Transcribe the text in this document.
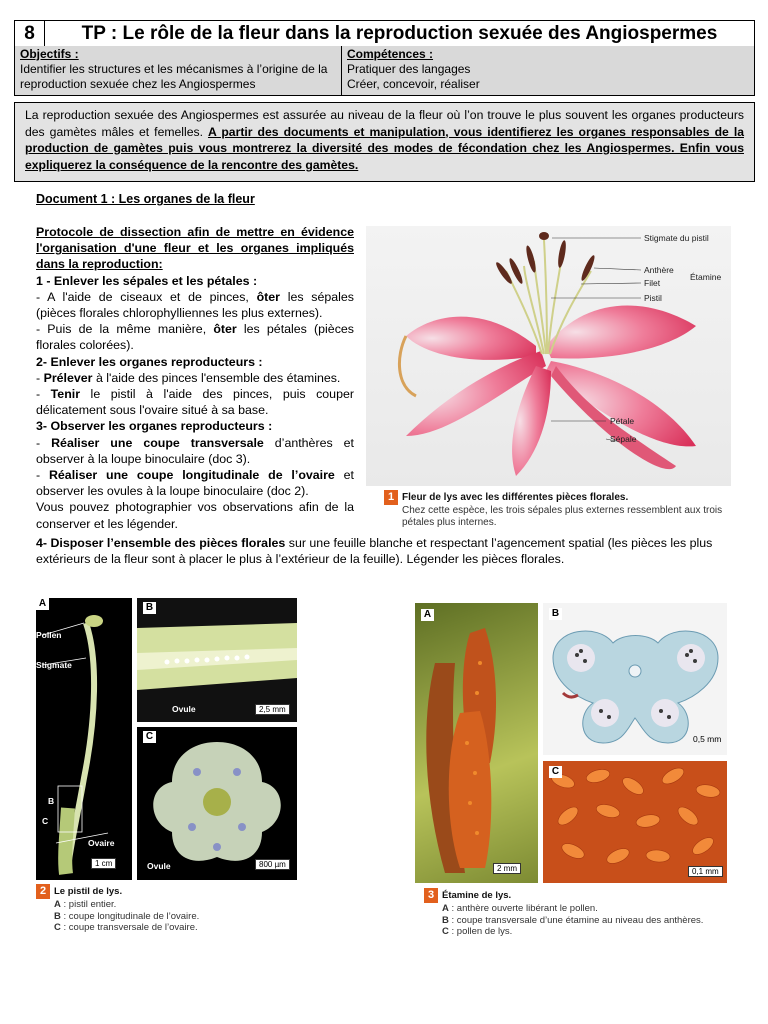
8	TP : Le rôle de la fleur dans la reproduction sexuée des Angiospermes
Objectifs :
Identifier les structures et les mécanismes à l’origine de la reproduction sexuée chez les Angiospermes
Compétences :
Pratiquer des langages
Créer, concevoir, réaliser
La reproduction sexuée des Angiospermes est assurée au niveau de la fleur où l’on trouve le plus souvent les organes producteurs des gamètes mâles et femelles. A partir des documents et manipulation, vous identifierez les organes responsables de la production de gamètes puis vous montrerez la diversité des modes de fécondation chez les Angiospermes. Enfin vous expliquerez la conséquence de la rencontre des gamètes.
Document 1 : Les organes de la fleur
Protocole de dissection afin de mettre en évidence l'organisation d'une fleur et les organes impliqués dans la reproduction:
1 - Enlever les sépales et les pétales :
- A l'aide de ciseaux et de pinces, ôter les sépales (pièces florales chlorophylliennes les plus externes).
- Puis de la même manière, ôter les pétales (pièces florales colorées).
2- Enlever les organes reproducteurs :
- Prélever à l'aide des pinces l'ensemble des étamines.
- Tenir le pistil à l'aide des pinces, puis couper délicatement sous l'ovaire situé à sa base.
3- Observer les organes reproducteurs :
- Réaliser une coupe transversale d’anthères et observer à la loupe binoculaire (doc 3).
- Réaliser une coupe longitudinale de l’ovaire et observer les ovules à la loupe binoculaire (doc 2).
Vous pouvez photographier vos observations afin de la conserver et les légender.
4- Disposer l’ensemble des pièces florales sur une feuille blanche et respectant l’agencement spatial (les pièces les plus extérieurs de la fleur sont à placer le plus à l’extérieur de la feuille). Légender les pièces florales.
Stigmate du pistil
Anthère
Filet
Étamine
Pistil
Pétale
Sépale
1 Fleur de lys avec les différentes pièces florales.
Chez cette espèce, les trois sépales plus externes ressemblent aux trois pétales plus internes.
A
Pollen
Stigmate
B
C
Ovaire
1 cm
B
Ovule	2,5 mm
C
Ovule	800 µm
2 Le pistil de lys.
A : pistil entier.
B : coupe longitudinale de l’ovaire.
C : coupe transversale de l’ovaire.
A
2 mm
B
0,5 mm
C
0,1 mm
3 Étamine de lys.
A : anthère ouverte libérant le pollen.
B : coupe transversale d’une étamine au niveau des anthères.
C : pollen de lys.
